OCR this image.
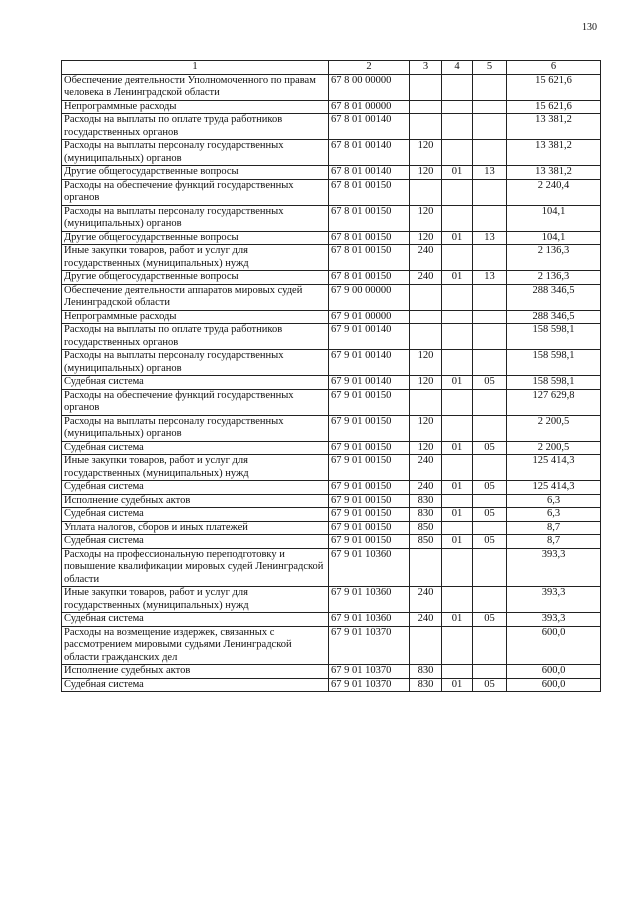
130
1	2	3	4	5	6
Обеспечение деятельности Уполномоченного по правам человека в Ленинградской области	67 8 00 00000				15 621,6
Непрограммные расходы	67 8 01 00000				15 621,6
Расходы на выплаты по оплате труда работников государственных органов	67 8 01 00140				13 381,2
Расходы на выплаты персоналу государственных (муниципальных) органов	67 8 01 00140	120			13 381,2
Другие общегосударственные вопросы	67 8 01 00140	120	01	13	13 381,2
Расходы на обеспечение функций государственных органов	67 8 01 00150				2 240,4
Расходы на выплаты персоналу государственных (муниципальных) органов	67 8 01 00150	120			104,1
Другие общегосударственные вопросы	67 8 01 00150	120	01	13	104,1
Иные закупки товаров, работ и услуг для государственных (муниципальных) нужд	67 8 01 00150	240			2 136,3
Другие общегосударственные вопросы	67 8 01 00150	240	01	13	2 136,3
Обеспечение деятельности аппаратов мировых судей Ленинградской области	67 9 00 00000				288 346,5
Непрограммные расходы	67 9 01 00000				288 346,5
Расходы на выплаты по оплате труда работников государственных органов	67 9 01 00140				158 598,1
Расходы на выплаты персоналу государственных (муниципальных) органов	67 9 01 00140	120			158 598,1
Судебная система	67 9 01 00140	120	01	05	158 598,1
Расходы на обеспечение функций государственных органов	67 9 01 00150				127 629,8
Расходы на выплаты персоналу государственных (муниципальных) органов	67 9 01 00150	120			2 200,5
Судебная система	67 9 01 00150	120	01	05	2 200,5
Иные закупки товаров, работ и услуг для государственных (муниципальных) нужд	67 9 01 00150	240			125 414,3
Судебная система	67 9 01 00150	240	01	05	125 414,3
Исполнение судебных актов	67 9 01 00150	830			6,3
Судебная система	67 9 01 00150	830	01	05	6,3
Уплата налогов, сборов и иных платежей	67 9 01 00150	850			8,7
Судебная система	67 9 01 00150	850	01	05	8,7
Расходы на профессиональную переподготовку и повышение квалификации мировых судей Ленинградской области	67 9 01 10360				393,3
Иные закупки товаров, работ и услуг для государственных (муниципальных) нужд	67 9 01 10360	240			393,3
Судебная система	67 9 01 10360	240	01	05	393,3
Расходы на возмещение издержек, связанных с рассмотрением мировыми судьями Ленинградской области гражданских дел	67 9 01 10370				600,0
Исполнение судебных актов	67 9 01 10370	830			600,0
Судебная система	67 9 01 10370	830	01	05	600,0
